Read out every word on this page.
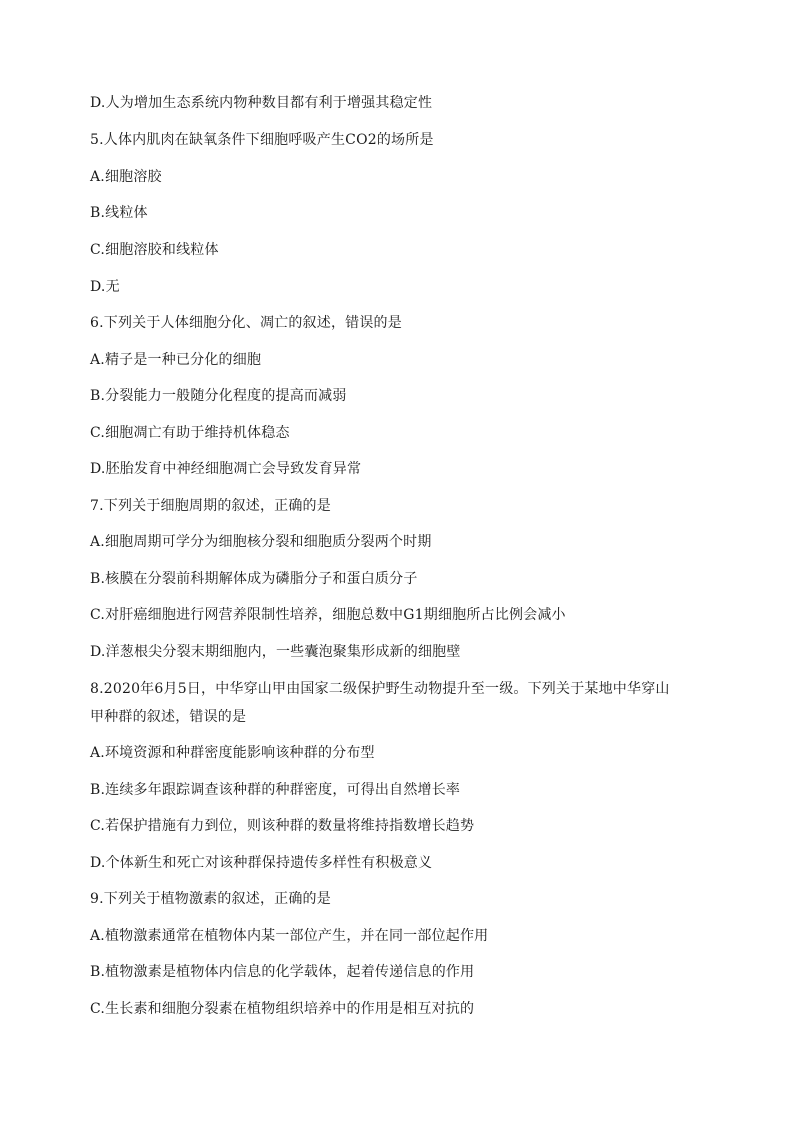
D.人为增加生态系统内物种数目都有利于增强其稳定性
5.人体内肌肉在缺氧条件下细胞呼吸产生CO2的场所是
A.细胞溶胶
B.线粒体
C.细胞溶胶和线粒体
D.无
6.下列关于人体细胞分化、凋亡的叙述，错误的是
A.精子是一种已分化的细胞
B.分裂能力一般随分化程度的提高而减弱
C.细胞凋亡有助于维持机体稳态
D.胚胎发育中神经细胞凋亡会导致发育异常
7.下列关于细胞周期的叙述，正确的是
A.细胞周期可学分为细胞核分裂和细胞质分裂两个时期
B.核膜在分裂前科期解体成为磷脂分子和蛋白质分子
C.对肝癌细胞进行网营养限制性培养，细胞总数中G1期细胞所占比例会减小
D.洋葱根尖分裂末期细胞内，一些囊泡聚集形成新的细胞壁
8.2020年6月5日，中华穿山甲由国家二级保护野生动物提升至一级。下列关于某地中华穿山
甲种群的叙述，错误的是
A.环境资源和种群密度能影响该种群的分布型
B.连续多年跟踪调查该种群的种群密度，可得出自然增长率
C.若保护措施有力到位，则该种群的数量将维持指数增长趋势
D.个体新生和死亡对该种群保持遗传多样性有积极意义
9.下列关于植物激素的叙述，正确的是
A.植物激素通常在植物体内某一部位产生，并在同一部位起作用
B.植物激素是植物体内信息的化学载体，起着传递信息的作用
C.生长素和细胞分裂素在植物组织培养中的作用是相互对抗的
